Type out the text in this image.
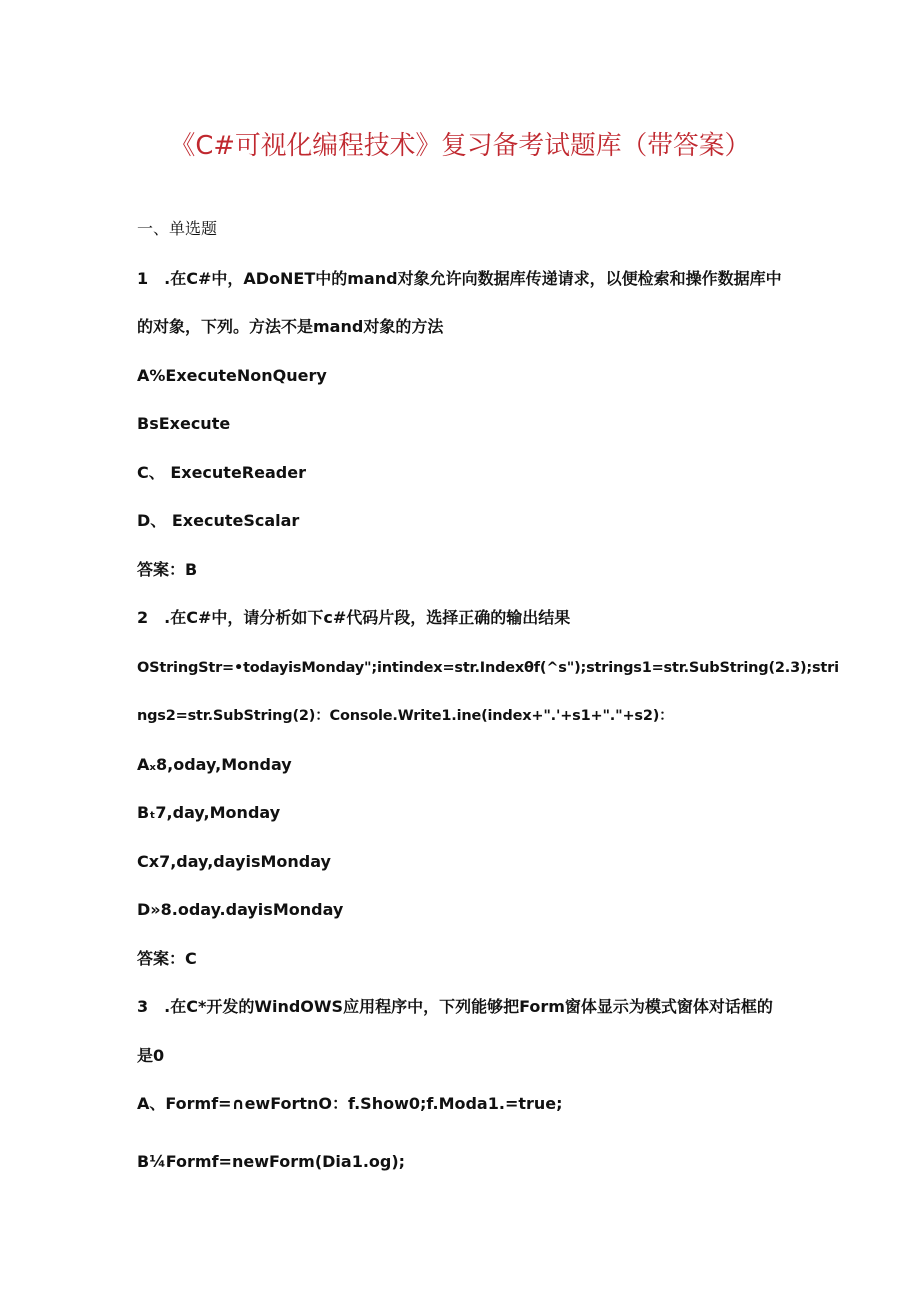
《C#可视化编程技术》复习备考试题库（带答案）
一、单选题
1　.在C#中，ADoNET中的mand对象允许向数据库传递请求，以便检索和操作数据库中
的对象，下列。方法不是mand对象的方法
A%ExecuteNonQuery
BsExecute
C、 ExecuteReader
D、 ExecuteScalar
答案：B
2　.在C#中，请分析如下c#代码片段，选择正确的输出结果
OStringStr=•todayisMonday";intindex=str.Indexθf(^s");strings1=str.SubString(2.3);stri
ngs2=str.SubString(2)：Console.Write1.ine(index+".'+s1+"."+s2)：
Aₓ8,oday,Monday
Bₜ7,day,Monday
Cx7,day,dayisMonday
D»8.oday.dayisMonday
答案：C
3　.在C*开发的WindOWS应用程序中，下列能够把Form窗体显示为模式窗体对话框的
是0
A、Formf=∩ewFortnO：f.Show0;f.Moda1.=true;
B¼Formf=newForm(Dia1.og);
